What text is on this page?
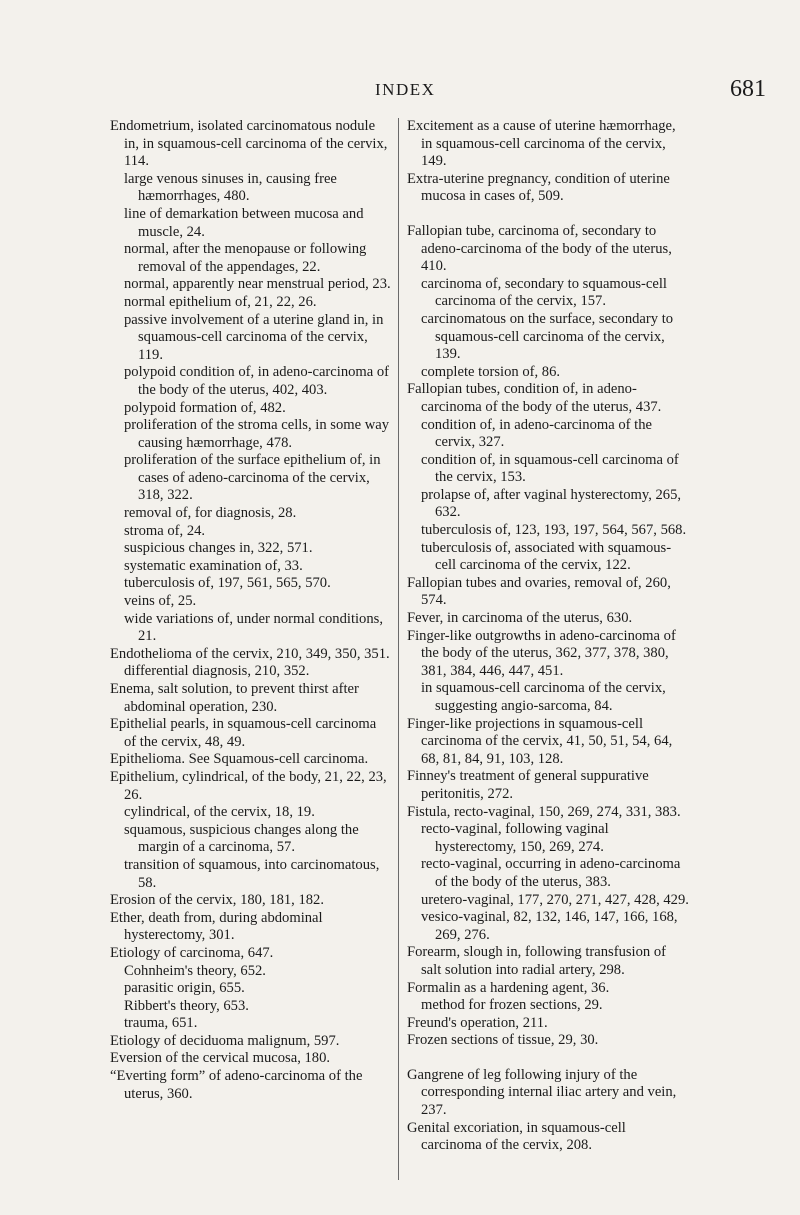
INDEX	681
Endometrium, isolated carcinomatous nodule in, in squamous-cell carcinoma of the cervix, 114.
large venous sinuses in, causing free hæmorrhages, 480.
line of demarkation between mucosa and muscle, 24.
normal, after the menopause or following removal of the appendages, 22.
normal, apparently near menstrual period, 23.
normal epithelium of, 21, 22, 26.
passive involvement of a uterine gland in, in squamous-cell carcinoma of the cervix, 119.
polypoid condition of, in adeno-carcinoma of the body of the uterus, 402, 403.
polypoid formation of, 482.
proliferation of the stroma cells, in some way causing hæmorrhage, 478.
proliferation of the surface epithelium of, in cases of adeno-carcinoma of the cervix, 318, 322.
removal of, for diagnosis, 28.
stroma of, 24.
suspicious changes in, 322, 571.
systematic examination of, 33.
tuberculosis of, 197, 561, 565, 570.
veins of, 25.
wide variations of, under normal conditions, 21.
Endothelioma of the cervix, 210, 349, 350, 351.
differential diagnosis, 210, 352.
Enema, salt solution, to prevent thirst after abdominal operation, 230.
Epithelial pearls, in squamous-cell carcinoma of the cervix, 48, 49.
Epithelioma. See Squamous-cell carcinoma.
Epithelium, cylindrical, of the body, 21, 22, 23, 26.
cylindrical, of the cervix, 18, 19.
squamous, suspicious changes along the margin of a carcinoma, 57.
transition of squamous, into carcinomatous, 58.
Erosion of the cervix, 180, 181, 182.
Ether, death from, during abdominal hysterectomy, 301.
Etiology of carcinoma, 647.
Cohnheim's theory, 652.
parasitic origin, 655.
Ribbert's theory, 653.
trauma, 651.
Etiology of deciduoma malignum, 597.
Eversion of the cervical mucosa, 180.
“Everting form” of adeno-carcinoma of the uterus, 360.
Excitement as a cause of uterine hæmorrhage, in squamous-cell carcinoma of the cervix, 149.
Extra-uterine pregnancy, condition of uterine mucosa in cases of, 509.
Fallopian tube, carcinoma of, secondary to adeno-carcinoma of the body of the uterus, 410.
carcinoma of, secondary to squamous-cell carcinoma of the cervix, 157.
carcinomatous on the surface, secondary to squamous-cell carcinoma of the cervix, 139.
complete torsion of, 86.
Fallopian tubes, condition of, in adeno-carcinoma of the body of the uterus, 437.
condition of, in adeno-carcinoma of the cervix, 327.
condition of, in squamous-cell carcinoma of the cervix, 153.
prolapse of, after vaginal hysterectomy, 265, 632.
tuberculosis of, 123, 193, 197, 564, 567, 568.
tuberculosis of, associated with squamous-cell carcinoma of the cervix, 122.
Fallopian tubes and ovaries, removal of, 260, 574.
Fever, in carcinoma of the uterus, 630.
Finger-like outgrowths in adeno-carcinoma of the body of the uterus, 362, 377, 378, 380, 381, 384, 446, 447, 451.
in squamous-cell carcinoma of the cervix, suggesting angio-sarcoma, 84.
Finger-like projections in squamous-cell carcinoma of the cervix, 41, 50, 51, 54, 64, 68, 81, 84, 91, 103, 128.
Finney's treatment of general suppurative peritonitis, 272.
Fistula, recto-vaginal, 150, 269, 274, 331, 383.
recto-vaginal, following vaginal hysterectomy, 150, 269, 274.
recto-vaginal, occurring in adeno-carcinoma of the body of the uterus, 383.
uretero-vaginal, 177, 270, 271, 427, 428, 429.
vesico-vaginal, 82, 132, 146, 147, 166, 168, 269, 276.
Forearm, slough in, following transfusion of salt solution into radial artery, 298.
Formalin as a hardening agent, 36.
method for frozen sections, 29.
Freund's operation, 211.
Frozen sections of tissue, 29, 30.
Gangrene of leg following injury of the corresponding internal iliac artery and vein, 237.
Genital excoriation, in squamous-cell carcinoma of the cervix, 208.
